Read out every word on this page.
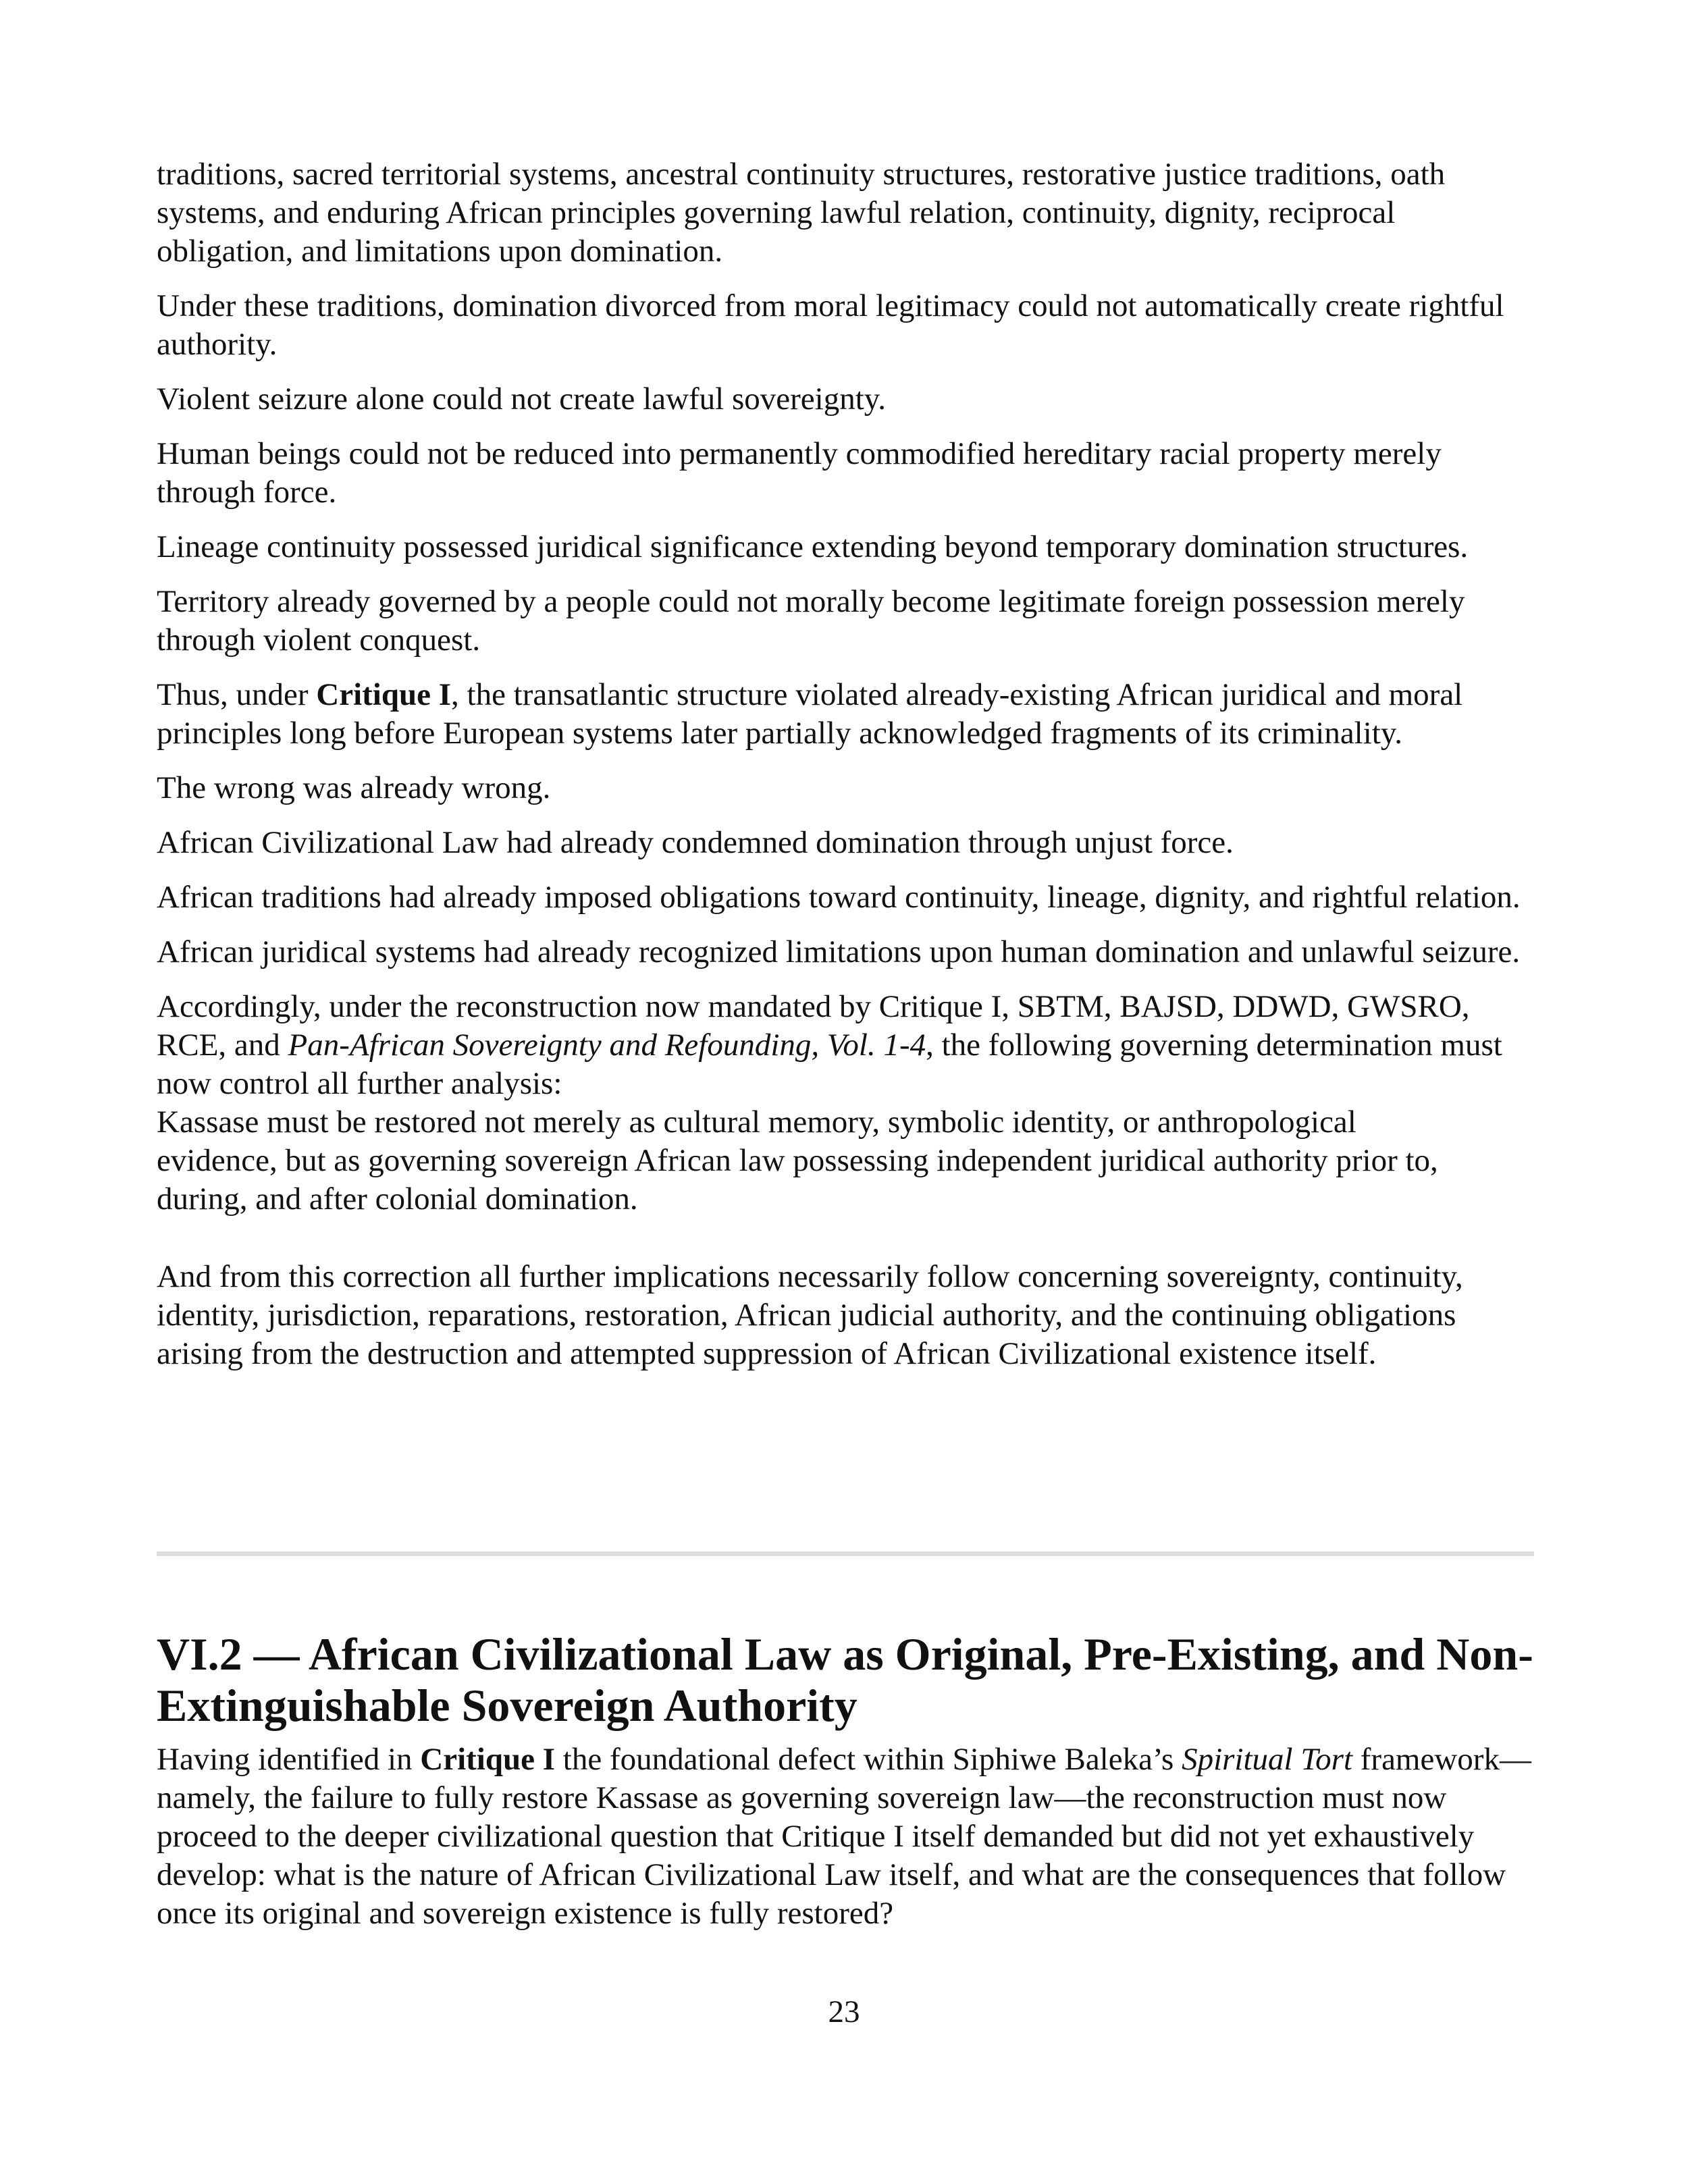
traditions, sacred territorial systems, ancestral continuity structures, restorative justice traditions, oath systems, and enduring African principles governing lawful relation, continuity, dignity, reciprocal obligation, and limitations upon domination.

Under these traditions, domination divorced from moral legitimacy could not automatically create rightful authority.

Violent seizure alone could not create lawful sovereignty.

Human beings could not be reduced into permanently commodified hereditary racial property merely through force.

Lineage continuity possessed juridical significance extending beyond temporary domination structures.

Territory already governed by a people could not morally become legitimate foreign possession merely through violent conquest.

Thus, under Critique I, the transatlantic structure violated already-existing African juridical and moral principles long before European systems later partially acknowledged fragments of its criminality.

The wrong was already wrong.

African Civilizational Law had already condemned domination through unjust force.

African traditions had already imposed obligations toward continuity, lineage, dignity, and rightful relation.

African juridical systems had already recognized limitations upon human domination and unlawful seizure.

Accordingly, under the reconstruction now mandated by Critique I, SBTM, BAJSD, DDWD, GWSRO, RCE, and Pan-African Sovereignty and Refounding, Vol. 1-4, the following governing determination must now control all further analysis:

Kassase must be restored not merely as cultural memory, symbolic identity, or anthropological evidence, but as governing sovereign African law possessing independent juridical authority prior to, during, and after colonial domination.

And from this correction all further implications necessarily follow concerning sovereignty, continuity, identity, jurisdiction, reparations, restoration, African judicial authority, and the continuing obligations arising from the destruction and attempted suppression of African Civilizational existence itself.

VI.2 — African Civilizational Law as Original, Pre-Existing, and Non-Extinguishable Sovereign Authority

Having identified in Critique I the foundational defect within Siphiwe Baleka’s Spiritual Tort framework—namely, the failure to fully restore Kassase as governing sovereign law—the reconstruction must now proceed to the deeper civilizational question that Critique I itself demanded but did not yet exhaustively develop: what is the nature of African Civilizational Law itself, and what are the consequences that follow once its original and sovereign existence is fully restored?

23
